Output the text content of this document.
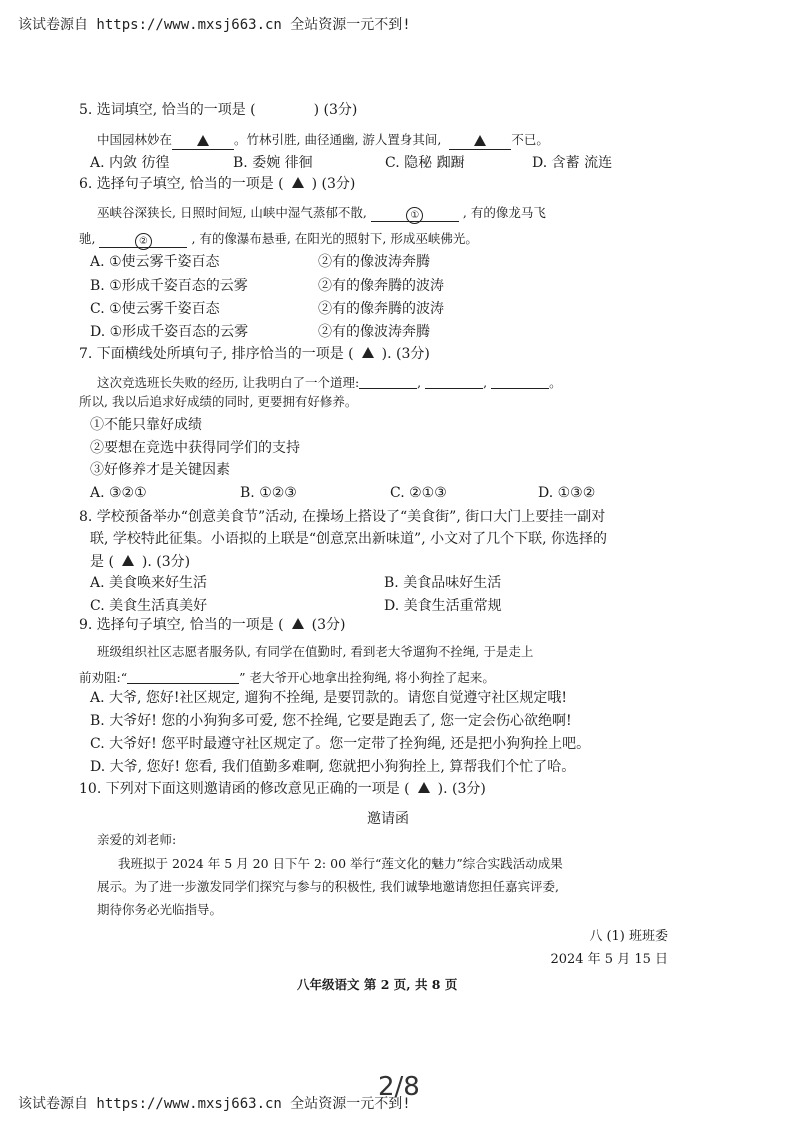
该试卷源自 https://www.mxsj663.cn 全站资源一元不到!
5. 选词填空, 恰当的一项是 (	) (3分)
中国园林妙在	。竹林引胜, 曲径通幽, 游人置身其间,	不已。
A. 内敛 彷徨	B. 委婉 徘徊	C. 隐秘 踟蹰	D. 含蓄 流连
6. 选择句子填空, 恰当的一项是 ( ) (3分)
巫峡谷深狭长, 日照时间短, 山峡中湿气蒸郁不散,	①	, 有的像龙马飞
驰,	②	, 有的像瀑布悬垂, 在阳光的照射下, 形成巫峡佛光。
A. ①使云雾千姿百态	②有的像波涛奔腾
B. ①形成千姿百态的云雾	②有的像奔腾的波涛
C. ①使云雾千姿百态	②有的像奔腾的波涛
D. ①形成千姿百态的云雾	②有的像波涛奔腾
7. 下面横线处所填句子, 排序恰当的一项是 ( ). (3分)
这次竞选班长失败的经历, 让我明白了一个道理:	,	,	。
所以, 我以后追求好成绩的同时, 更要拥有好修养。
①不能只靠好成绩
②要想在竞选中获得同学们的支持
③好修养才是关键因素
A. ③②①	B. ①②③	C. ②①③	D. ①③②
8. 学校预备举办“创意美食节”活动, 在操场上搭设了“美食街”, 街口大门上要挂一副对
联, 学校特此征集。小语拟的上联是“创意烹出新味道”, 小文对了几个下联, 你选择的
是 ( ). (3分)
A. 美食唤来好生活	B. 美食品味好生活
C. 美食生活真美好	D. 美食生活重常规
9. 选择句子填空, 恰当的一项是 ( (3分)
班级组织社区志愿者服务队, 有同学在值勤时, 看到老大爷遛狗不拴绳, 于是走上
前劝阻:“	” 老大爷开心地拿出拴狗绳, 将小狗拴了起来。
A. 大爷, 您好!社区规定, 遛狗不拴绳, 是要罚款的。请您自觉遵守社区规定哦!
B. 大爷好! 您的小狗狗多可爱, 您不拴绳, 它要是跑丢了, 您一定会伤心欲绝啊!
C. 大爷好! 您平时最遵守社区规定了。您一定带了拴狗绳, 还是把小狗狗拴上吧。
D. 大爷, 您好! 您看, 我们值勤多难啊, 您就把小狗狗拴上, 算帮我们个忙了哈。
10. 下列对下面这则邀请函的修改意见正确的一项是 ( ). (3分)
邀请函
亲爱的刘老师:
我班拟于 2024 年 5 月 20 日下午 2: 00 举行“莲文化的魅力”综合实践活动成果
展示。为了进一步激发同学们探究与参与的积极性, 我们诚挚地邀请您担任嘉宾评委,
期待你务必光临指导。
八 (1) 班班委
2024 年 5 月 15 日
八年级语文 第 2 页, 共 8 页
2/8
该试卷源自 https://www.mxsj663.cn 全站资源一元不到!
